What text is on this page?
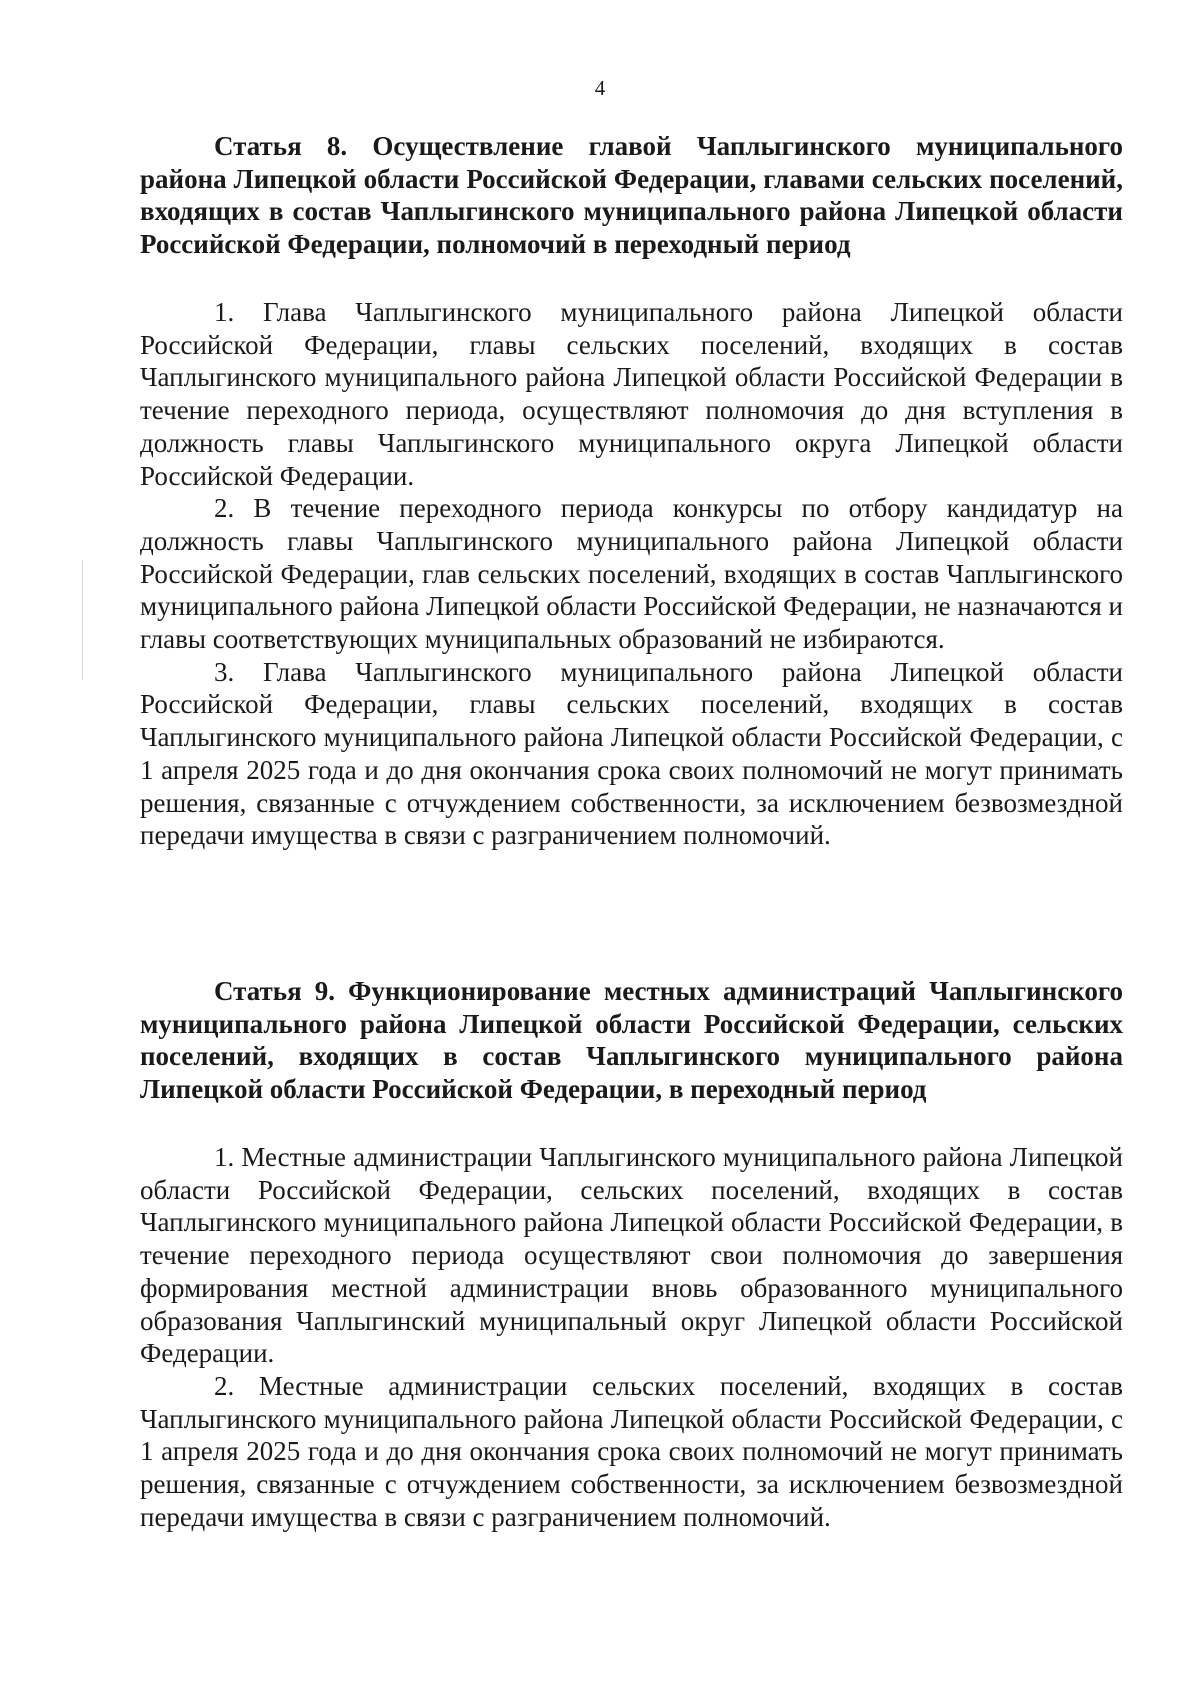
4
Статья 8. Осуществление главой Чаплыгинского муниципального района Липецкой области Российской Федерации, главами сельских поселений, входящих в состав Чаплыгинского муниципального района Липецкой области Российской Федерации, полномочий в переходный период

1. Глава Чаплыгинского муниципального района Липецкой области Российской Федерации, главы сельских поселений, входящих в состав Чаплыгинского муниципального района Липецкой области Российской Федерации в течение переходного периода, осуществляют полномочия до дня вступления в должность главы Чаплыгинского муниципального округа Липецкой области Российской Федерации.

2. В течение переходного периода конкурсы по отбору кандидатур на должность главы Чаплыгинского муниципального района Липецкой области Российской Федерации, глав сельских поселений, входящих в состав Чаплыгинского муниципального района Липецкой области Российской Федерации, не назначаются и главы соответствующих муниципальных образований не избираются.

3. Глава Чаплыгинского муниципального района Липецкой области Российской Федерации, главы сельских поселений, входящих в состав Чаплыгинского муниципального района Липецкой области Российской Федерации, с 1 апреля 2025 года и до дня окончания срока своих полномочий не могут принимать решения, связанные с отчуждением собственности, за исключением безвозмездной передачи имущества в связи с разграничением полномочий.

Статья 9. Функционирование местных администраций Чаплыгинского муниципального района Липецкой области Российской Федерации, сельских поселений, входящих в состав Чаплыгинского муниципального района Липецкой области Российской Федерации, в переходный период

1. Местные администрации Чаплыгинского муниципального района Липецкой области Российской Федерации, сельских поселений, входящих в состав Чаплыгинского муниципального района Липецкой области Российской Федерации, в течение переходного периода осуществляют свои полномочия до завершения формирования местной администрации вновь образованного муниципального образования Чаплыгинский муниципальный округ Липецкой области Российской Федерации.

2. Местные администрации сельских поселений, входящих в состав Чаплыгинского муниципального района Липецкой области Российской Федерации, с 1 апреля 2025 года и до дня окончания срока своих полномочий не могут принимать решения, связанные с отчуждением собственности, за исключением безвозмездной передачи имущества в связи с разграничением полномочий.
